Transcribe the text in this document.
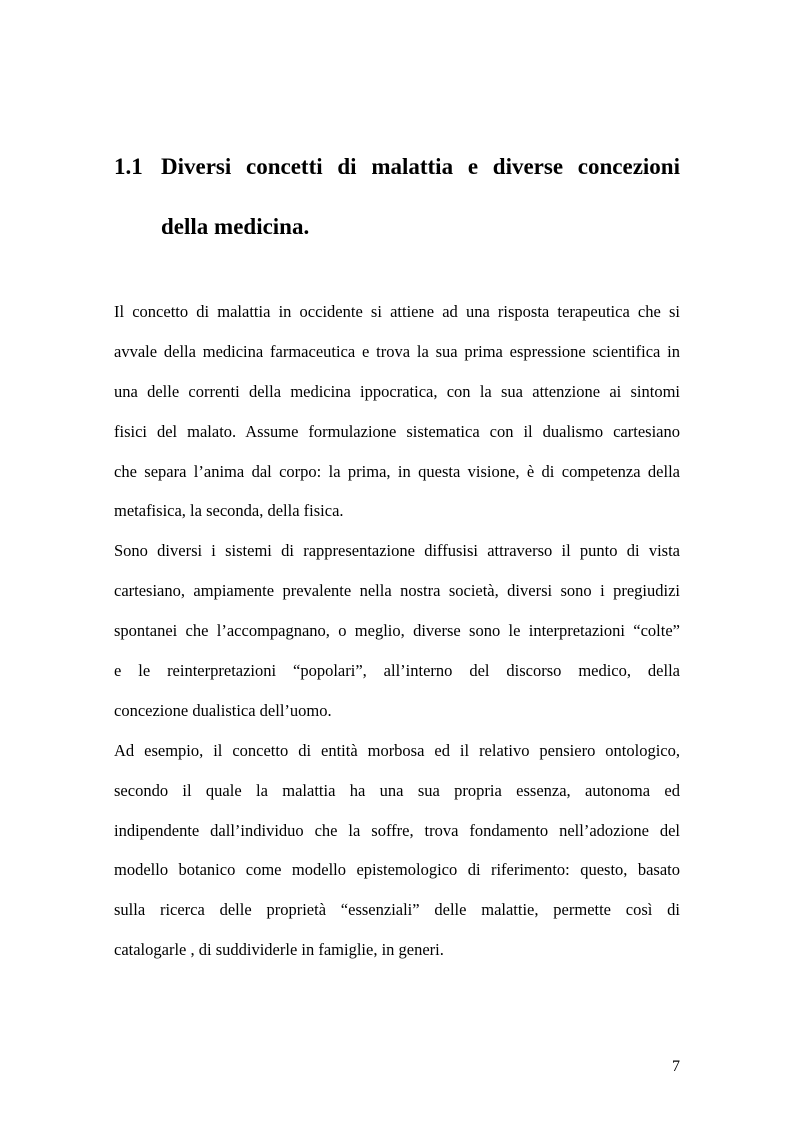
1.1 Diversi concetti di malattia e diverse concezioni
della medicina.
Il concetto di malattia in occidente si attiene ad una risposta terapeutica che si
avvale della medicina farmaceutica e trova la sua prima espressione scientifica in
una delle correnti della medicina ippocratica, con la sua attenzione ai sintomi
fisici del malato. Assume formulazione sistematica con il dualismo cartesiano
che separa l’anima dal corpo: la prima, in questa visione, è di competenza della
metafisica, la seconda, della fisica.
Sono diversi i sistemi di rappresentazione diffusisi attraverso il punto di vista
cartesiano, ampiamente prevalente nella nostra società, diversi sono i pregiudizi
spontanei che l’accompagnano, o meglio, diverse sono le interpretazioni “colte”
e le reinterpretazioni “popolari”, all’interno del discorso medico, della
concezione dualistica dell’uomo.
Ad esempio, il concetto di entità morbosa ed il relativo pensiero ontologico,
secondo il quale la malattia ha una sua propria essenza, autonoma ed
indipendente dall’individuo che la soffre, trova fondamento nell’adozione del
modello botanico come modello epistemologico di riferimento: questo, basato
sulla ricerca delle proprietà “essenziali” delle malattie, permette così di
catalogarle , di suddividerle in famiglie, in generi.
7
